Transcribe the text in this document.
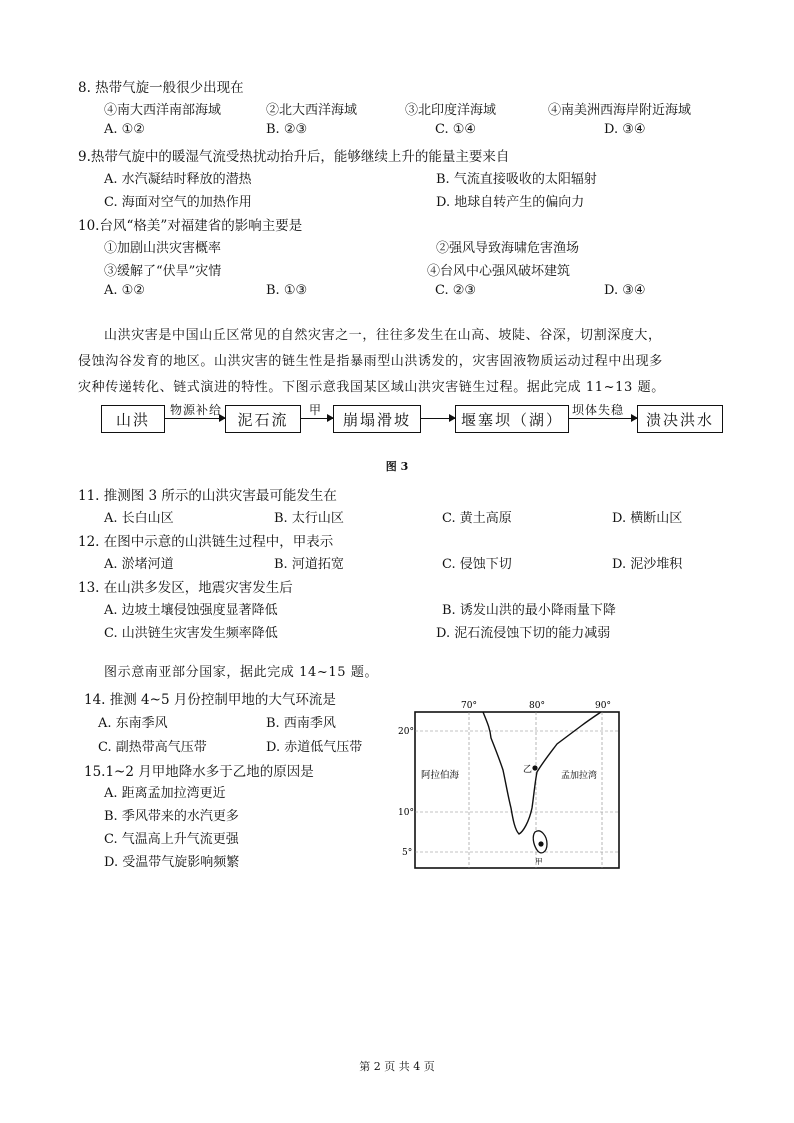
8. 热带气旋一般很少出现在
④南大西洋南部海域	②北大西洋海域	③北印度洋海域	④南美洲西海岸附近海域
A. ①②	B. ②③	C. ①④	D. ③④
9.热带气旋中的暖湿气流受热扰动抬升后，能够继续上升的能量主要来自
A. 水汽凝结时释放的潜热	B. 气流直接吸收的太阳辐射
C. 海面对空气的加热作用	D. 地球自转产生的偏向力
10.台风“格美”对福建省的影响主要是
①加剧山洪灾害概率	②强风导致海啸危害渔场
③缓解了“伏旱”灾情	④台风中心强风破坏建筑
A. ①②	B. ①③	C. ②③	D. ③④
山洪灾害是中国山丘区常见的自然灾害之一，往往多发生在山高、坡陡、谷深，切割深度大，
侵蚀沟谷发育的地区。山洪灾害的链生性是指暴雨型山洪诱发的，灾害固液物质运动过程中出现多
灾种传递转化、链式演进的特性。下图示意我国某区域山洪灾害链生过程。据此完成 11~13 题。
山洪
物源补给
泥石流
甲
崩塌滑坡	堰塞坝（湖）
坝体失稳
溃决洪水
图 3
11. 推测图 3 所示的山洪灾害最可能发生在
A. 长白山区	B. 太行山区	C. 黄土高原	D. 横断山区
12. 在图中示意的山洪链生过程中，甲表示
A. 淤堵河道	B. 河道拓宽	C. 侵蚀下切	D. 泥沙堆积
13. 在山洪多发区，地震灾害发生后
A. 边坡土壤侵蚀强度显著降低	B. 诱发山洪的最小降雨量下降
C. 山洪链生灾害发生频率降低	D. 泥石流侵蚀下切的能力减弱
图示意南亚部分国家，据此完成 14~15 题。
14. 推测 4~5 月份控制甲地的大气环流是
A. 东南季风	B. 西南季风
C. 副热带高气压带	D. 赤道低气压带
15.1~2 月甲地降水多于乙地的原因是
A. 距离孟加拉湾更近
B. 季风带来的水汽更多
C. 气温高上升气流更强
D. 受温带气旋影响频繁
70°	80°	90°
20°
10°
5°
阿拉伯海	孟加拉湾
乙
甲
第 2 页 共 4 页
